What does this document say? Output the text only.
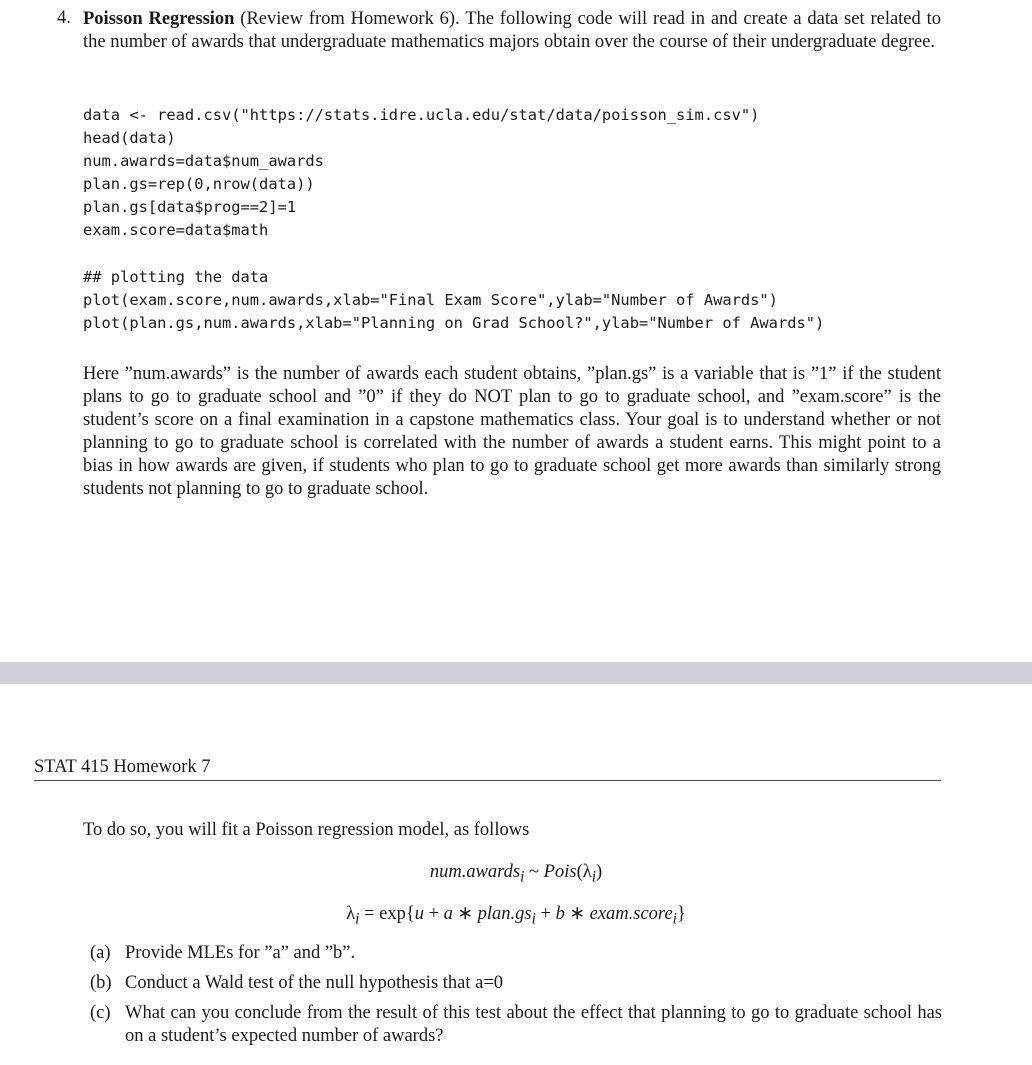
4. Poisson Regression (Review from Homework 6). The following code will read in and create a data set related to the number of awards that undergraduate mathematics majors obtain over the course of their undergraduate degree.
data <- read.csv("https://stats.idre.ucla.edu/stat/data/poisson_sim.csv")
head(data)
num.awards=data$num_awards
plan.gs=rep(0,nrow(data))
plan.gs[data$prog==2]=1
exam.score=data$math
## plotting the data
plot(exam.score,num.awards,xlab="Final Exam Score",ylab="Number of Awards")
plot(plan.gs,num.awards,xlab="Planning on Grad School?",ylab="Number of Awards")
Here ”num.awards” is the number of awards each student obtains, ”plan.gs” is a variable that is ”1” if the student plans to go to graduate school and ”0” if they do NOT plan to go to graduate school, and ”exam.score” is the student’s score on a final examination in a capstone mathematics class. Your goal is to understand whether or not planning to go to graduate school is correlated with the number of awards a student earns. This might point to a bias in how awards are given, if students who plan to go to graduate school get more awards than similarly strong students not planning to go to graduate school.
STAT 415 Homework 7
To do so, you will fit a Poisson regression model, as follows
num.awards$_i$ ~ $Pois(\lambda_i)$
$\lambda_i = \exp\{u + a$ ∗ $plan.gs_i + b$ ∗ exam.score$_i$}
(a) Provide MLEs for ”a” and ”b”.
(b) Conduct a Wald test of the null hypothesis that a=0
(c) What can you conclude from the result of this test about the effect that planning to go to graduate school has on a student’s expected number of awards?
